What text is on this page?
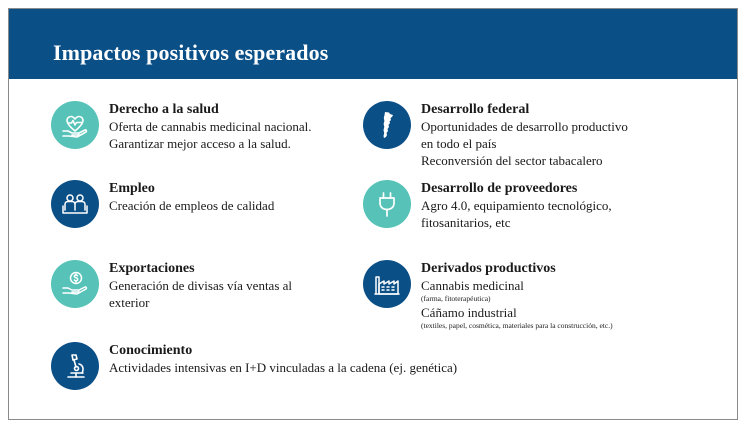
Impactos positivos esperados
Derecho a la salud
Oferta de cannabis medicinal nacional.
Garantizar mejor acceso a la salud.
Desarrollo federal
Oportunidades de desarrollo productivo
en todo el país
Reconversión del sector tabacalero
Empleo
Creación de empleos de calidad
Desarrollo de proveedores
Agro 4.0, equipamiento tecnológico,
fitosanitarios, etc
Exportaciones
Generación de divisas vía ventas al
exterior
Derivados productivos
Cannabis medicinal
(farma, fitoterapéutica)
Cáñamo industrial
(textiles, papel, cosmética, materiales para la construcción, etc.)
Conocimiento
Actividades intensivas en I+D vinculadas a la cadena (ej. genética)
